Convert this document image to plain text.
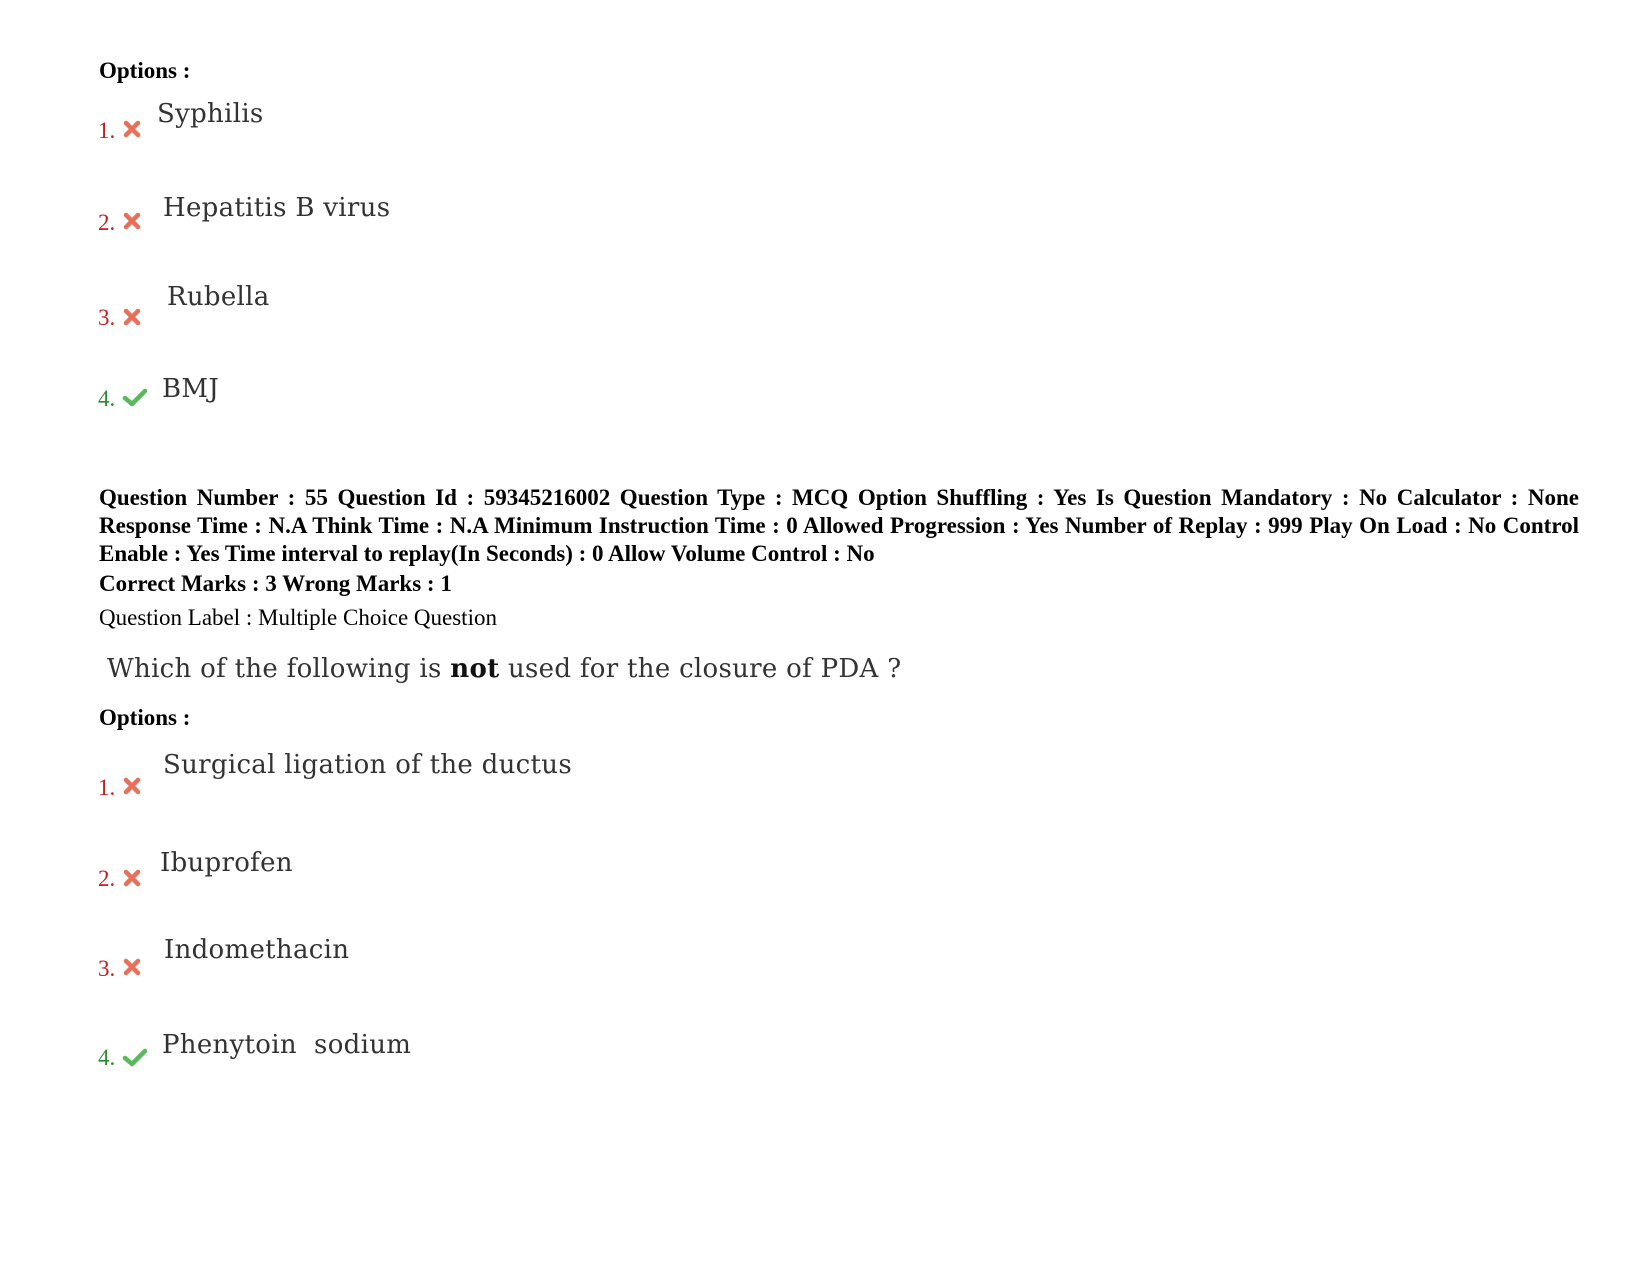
Options :
1.
Syphilis
2. Hepatitis B virus
3.
Rubella
4. BMJ
Question Number : 55 Question Id : 59345216002 Question Type : MCQ Option Shuffling : Yes Is Question Mandatory : No Calculator : None Response Time : N.A Think Time : N.A Minimum Instruction Time : 0 Allowed Progression : Yes Number of Replay : 999 Play On Load : No Control Enable : Yes Time interval to replay(In Seconds) : 0 Allow Volume Control : No
Correct Marks : 3 Wrong Marks : 1
Question Label : Multiple Choice Question
Which of the following is not used for the closure of PDA ?
Options :
1.
Surgical ligation of the ductus
2.
Ibuprofen
3.
Indomethacin
4. Phenytoin  sodium
